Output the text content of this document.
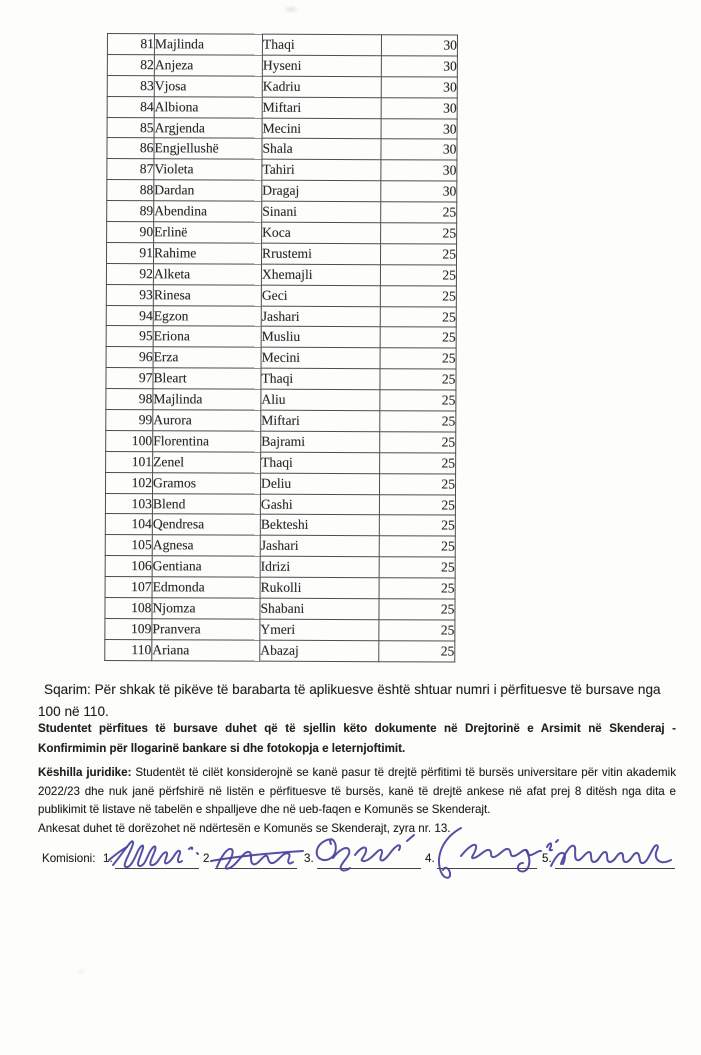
81	Majlinda	Thaqi	30
82	Anjeza	Hyseni	30
83	Vjosa	Kadriu	30
84	Albiona	Miftari	30
85	Argjenda	Mecini	30
86	Engjellushë	Shala	30
87	Violeta	Tahiri	30
88	Dardan	Dragaj	30
89	Abendina	Sinani	25
90	Erlinë	Koca	25
91	Rahime	Rrustemi	25
92	Alketa	Xhemajli	25
93	Rinesa	Geci	25
94	Egzon	Jashari	25
95	Eriona	Musliu	25
96	Erza	Mecini	25
97	Bleart	Thaqi	25
98	Majlinda	Aliu	25
99	Aurora	Miftari	25
100	Florentina	Bajrami	25
101	Zenel	Thaqi	25
102	Gramos	Deliu	25
103	Blend	Gashi	25
104	Qendresa	Bekteshi	25
105	Agnesa	Jashari	25
106	Gentiana	Idrizi	25
107	Edmonda	Rukolli	25
108	Njomza	Shabani	25
109	Pranvera	Ymeri	25
110	Ariana	Abazaj	25

Sqarim: Për shkak të pikëve të barabarta të aplikuesve është shtuar numri i përfituesve të bursave nga 100 në 110.

Studentet përfitues të bursave duhet që të sjellin këto dokumente në Drejtorinë e Arsimit në Skenderaj - Konfirmimin për llogarinë bankare si dhe fotokopja e leternjoftimit.

Këshilla juridike: Studentët të cilët konsiderojnë se kanë pasur të drejtë përfitimi të bursës universitare për vitin akademik 2022/23 dhe nuk janë përfshirë në listën e përfituesve të bursës, kanë të drejtë ankese në afat prej 8 ditësh nga dita e publikimit të listave në tabelën e shpalljeve dhe në ueb-faqen e Komunës se Skenderajt.

Ankesat duhet të dorëzohet në ndërtesën e Komunës se Skenderajt, zyra nr. 13.

Komisioni: 1.	2.	3.	4.	5.
